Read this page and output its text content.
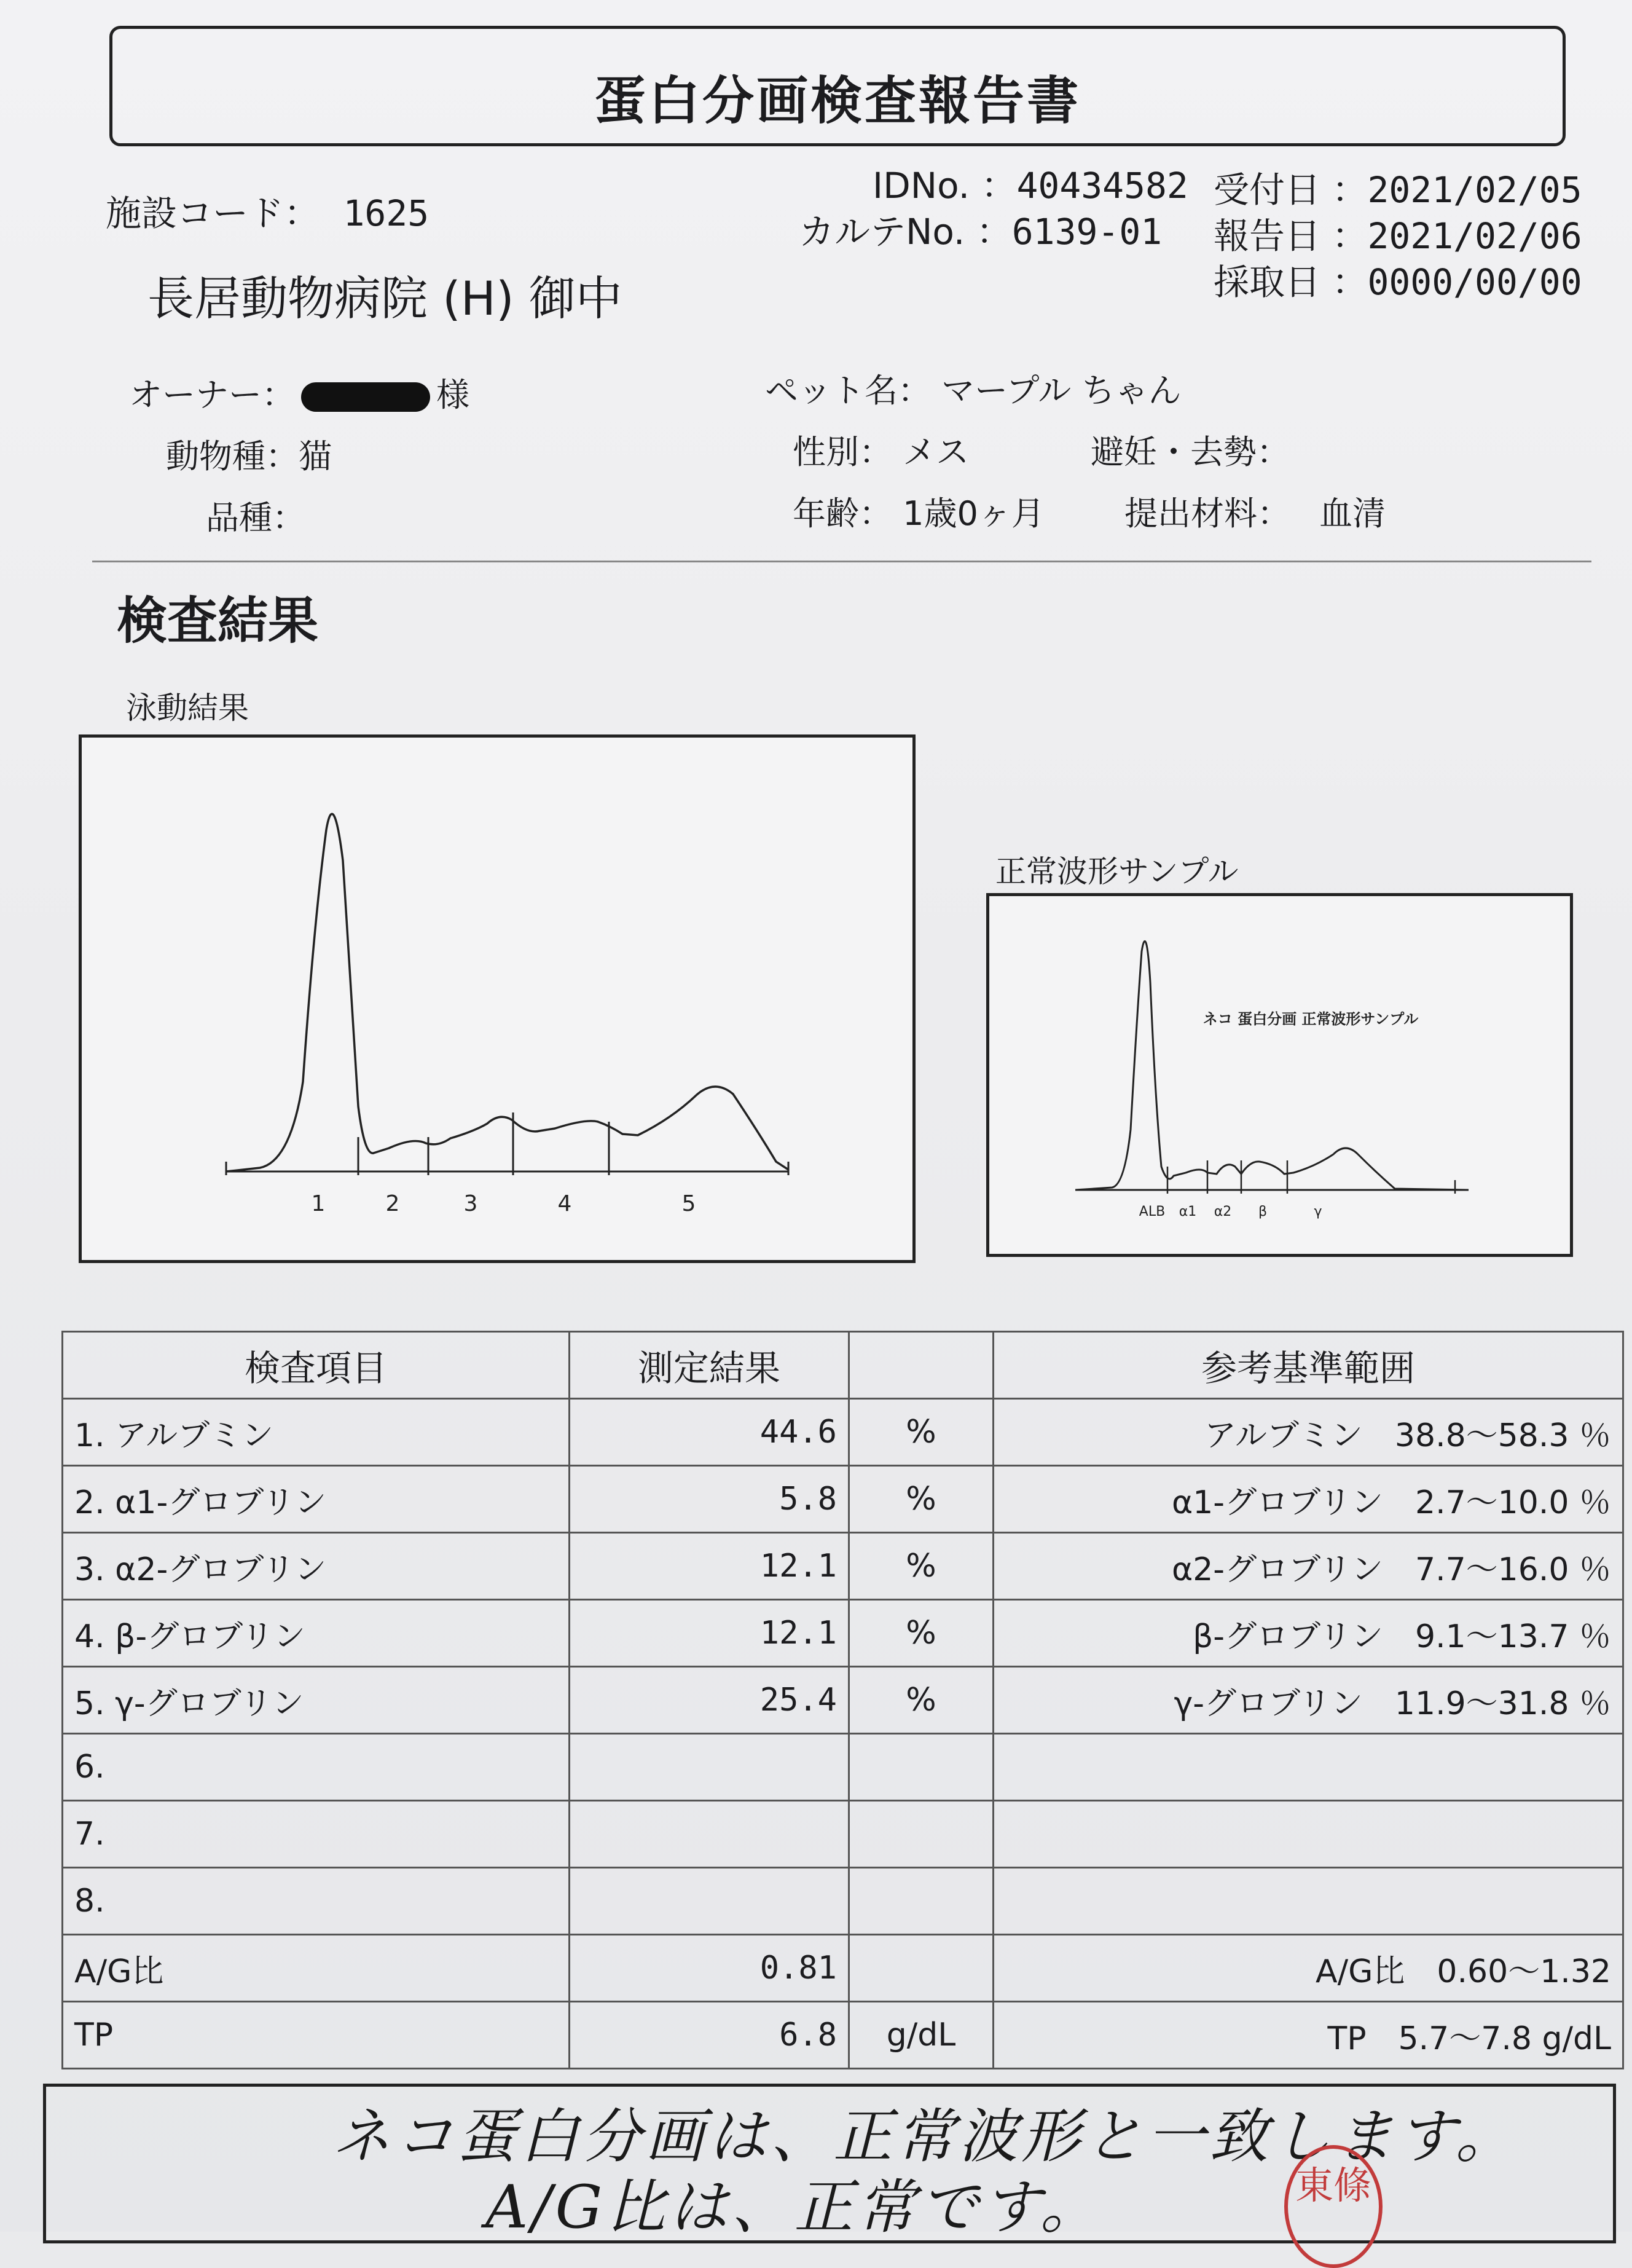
蛋白分画検査報告書
施設コード： 1625
IDNo. ：40434582
カルテNo. ：6139-01
受付日 ：2021/02/05
報告日 ：2021/02/06
採取日 ：0000/00/00
長居動物病院 (H) 御中
オーナー：	様
動物種：猫
品種：
ペット名： マープル ちゃん
性別： メス	避妊・去勢：
年齢： 1歳0ヶ月 提出材料： 血清
検査結果
泳動結果
正常波形サンプル
1	2	3	4	5
ネコ 蛋白分画 正常波形サンプル
ALB α1 α2 β	γ
検査項目	測定結果		参考基準範囲
1. アルブミン	44.6	%	アルブミン　38.8～58.3 ％
2. α1-グロブリン	5.8	%	α1-グロブリン　2.7～10.0 ％
3. α2-グロブリン	12.1	%	α2-グロブリン　7.7～16.0 ％
4. β-グロブリン	12.1	%	β-グロブリン　9.1～13.7 ％
5. γ-グロブリン	25.4	%	γ-グロブリン　11.9～31.8 ％
6.			
7.			
8.			
A/G比	0.81		A/G比　0.60～1.32
TP	6.8	g/dL	TP　5.7～7.8 g/dL
ネコ蛋白分画は、正常波形と一致します。
A/G比は、正常です。	東條
